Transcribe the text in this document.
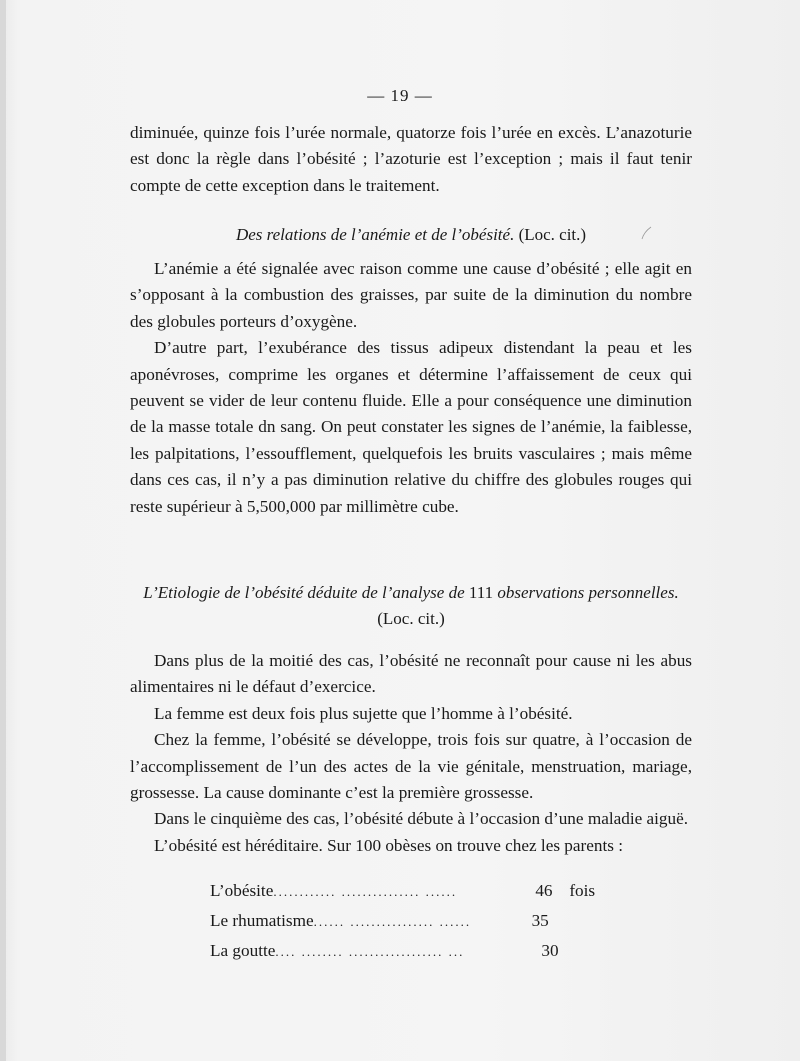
— 19 —

diminuée, quinze fois l’urée normale, quatorze fois l’urée en excès. L’anazoturie est donc la règle dans l’obésité ; l’azoturie est l’exception ; mais il faut tenir compte de cette exception dans le traitement.

Des relations de l’anémie et de l’obésité. (Loc. cit.)

L’anémie a été signalée avec raison comme une cause d’obésité ; elle agit en s’opposant à la combustion des graisses, par suite de la diminution du nombre des globules porteurs d’oxygène.

D’autre part, l’exubérance des tissus adipeux distendant la peau et les aponévroses, comprime les organes et détermine l’affaissement de ceux qui peuvent se vider de leur contenu fluide. Elle a pour conséquence une diminution de la masse totale dn sang. On peut constater les signes de l’anémie, la faiblesse, les palpitations, l’essoufflement, quelquefois les bruits vasculaires ; mais même dans ces cas, il n’y a pas diminution relative du chiffre des globules rouges qui reste supérieur à 5,500,000 par millimètre cube.

L’Etiologie de l’obésité déduite de l’analyse de 111 observations personnelles. (Loc. cit.)

Dans plus de la moitié des cas, l’obésité ne reconnaît pour cause ni les abus alimentaires ni le défaut d’exercice.

La femme est deux fois plus sujette que l’homme à l’obésité.

Chez la femme, l’obésité se développe, trois fois sur quatre, à l’occasion de l’accomplissement de l’un des actes de la vie génitale, menstruation, mariage, grossesse. La cause dominante c’est la première grossesse.

Dans le cinquième des cas, l’obésité débute à l’occasion d’une maladie aiguë.

L’obésité est héréditaire. Sur 100 obèses on trouve chez les parents :

L’obésite ............ ............... ......	46 fois
Le rhumatisme ...... ................ ......	35
La goutte .... ........ .................. ...	30
